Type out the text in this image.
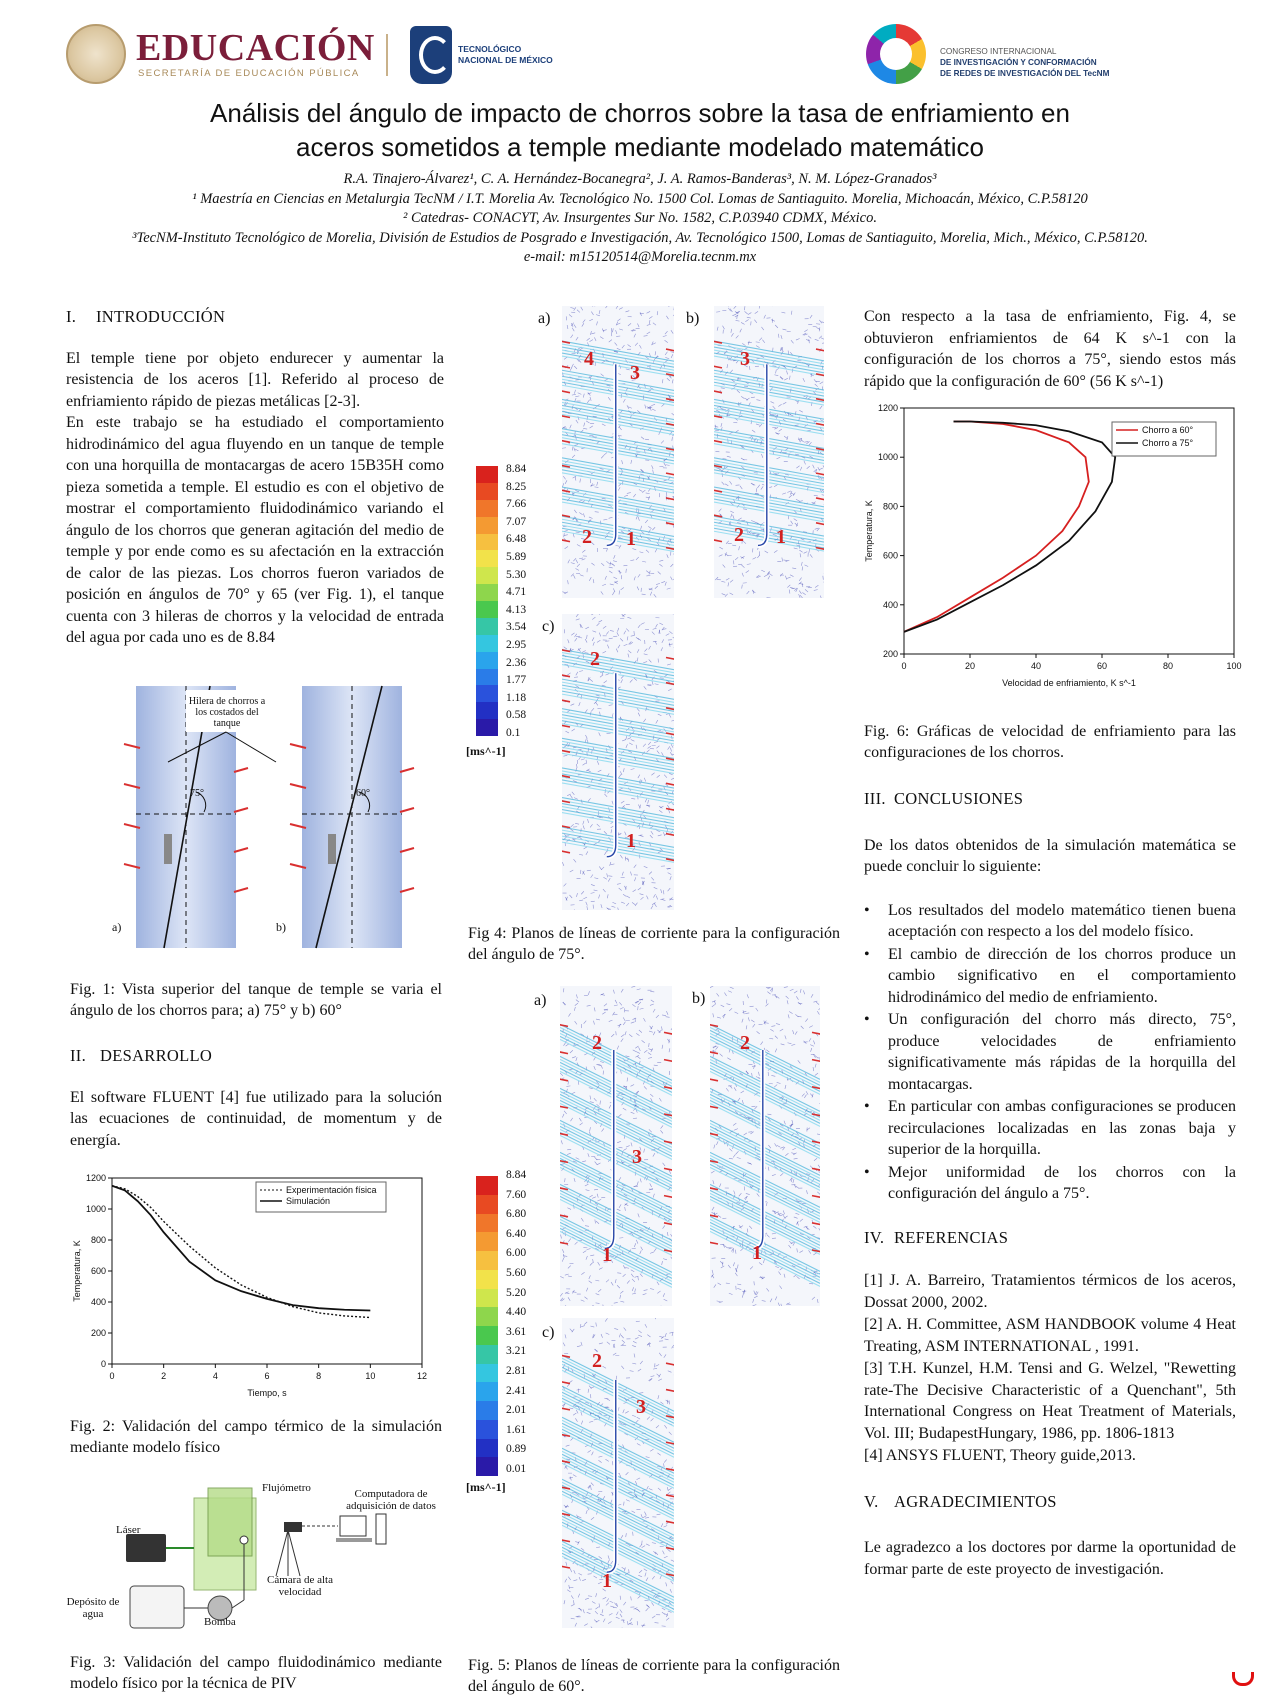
EDUCACIÓN
SECRETARÍA DE EDUCACIÓN PÚBLICA
TECNOLÓGICO
NACIONAL DE MÉXICO
CONGRESO INTERNACIONAL
DE INVESTIGACIÓN Y CONFORMACIÓN
DE REDES DE INVESTIGACIÓN DEL TecNM
Análisis del ángulo de impacto de chorros sobre la tasa de enfriamiento en
aceros sometidos a temple mediante modelado matemático
R.A. Tinajero-Álvarez¹, C. A. Hernández-Bocanegra², J. A. Ramos-Banderas³, N. M. López-Granados³
¹ Maestría en Ciencias en Metalurgia TecNM / I.T. Morelia Av. Tecnológico No. 1500 Col. Lomas de Santiaguito. Morelia, Michoacán, México, C.P.58120
² Catedras- CONACYT, Av. Insurgentes Sur No. 1582, C.P.03940 CDMX, México.
³TecNM-Instituto Tecnológico de Morelia, División de Estudios de Posgrado e Investigación, Av. Tecnológico 1500, Lomas de Santiaguito, Morelia, Mich., México, C.P.58120.
e-mail: m15120514@Morelia.tecnm.mx
I. INTRODUCCIÓN
El temple tiene por objeto endurecer y aumentar la resistencia de los aceros [1]. Referido al proceso de enfriamiento rápido de piezas metálicas [2-3].
En este trabajo se ha estudiado el comportamiento hidrodinámico del agua fluyendo en un tanque de temple con una horquilla de montacargas de acero 15B35H como pieza sometida a temple. El estudio es con el objetivo de mostrar el comportamiento fluidodinámico variando el ángulo de los chorros que generan agitación del medio de temple y por ende como es su afectación en la extracción de calor de las piezas. Los chorros fueron variados de posición en ángulos de 70° y 65 (ver Fig. 1), el tanque cuenta con 3 hileras de chorros y la velocidad de entrada del agua por cada uno es de 8.84
Hilera de chorros a los costados del tanque
75°	60°
a)	b)
Fig. 1: Vista superior del tanque de temple se varia el ángulo de los chorros para; a) 75° y b) 60°
II. DESARROLLO
El software FLUENT [4] fue utilizado para la solución las ecuaciones de continuidad, de momentum y de energía.
0	2	4	6	8	10	12
0
200
400
600
800
1000
1200
Tiempo, s
Temperatura, K
Experimentación física
Simulación
Fig. 2: Validación del campo térmico de la simulación mediante modelo físico
Láser
Flujómetro	Computadora de adquisición de datos
Cámara de alta velocidad
Depósito de agua
Bomba
Fig. 3: Validación del campo fluidodinámico mediante modelo físico por la técnica de PIV
a)	b)
c)
4
3
2 1
3
2 1
2
1
8.84
8.25
7.66
7.07
6.48
5.89
5.30
4.71
4.13
3.54
2.95
2.36
1.77
1.18
0.58
0.1
[ms^-1]
Fig 4: Planos de líneas de corriente para la configuración del ángulo de 75°.
a)	b)
c)
2
3
1
2
1
2
3
1
8.84
7.60
6.80
6.40
6.00
5.60
5.20
4.40
3.61
3.21
2.81
2.41
2.01
1.61
0.89
0.01
[ms^-1]
Fig. 5: Planos de líneas de corriente para la configuración del ángulo de 60°.
Con respecto a la tasa de enfriamiento, Fig. 4, se obtuvieron enfriamientos de 64 K s^-1 con la configuración de los chorros a 75°, siendo estos más rápido que la configuración de 60° (56 K s^-1)
0	20	40	60	80	100
200
400
600
800
1000
1200
Velocidad de enfriamiento, K s^-1
Temperatura, K
Chorro a 60°
Chorro a 75°
Fig. 6: Gráficas de velocidad de enfriamiento para las configuraciones de los chorros.
III. CONCLUSIONES
De los datos obtenidos de la simulación matemática se puede concluir lo siguiente:
• Los resultados del modelo matemático tienen buena aceptación con respecto a los del modelo físico.
• El cambio de dirección de los chorros produce un cambio significativo en el comportamiento hidrodinámico del medio de enfriamiento.
• Un configuración del chorro más directo, 75°, produce velocidades de enfriamiento significativamente más rápidas de la horquilla del montacargas.
• En particular con ambas configuraciones se producen recirculaciones localizadas en las zonas baja y superior de la horquilla.
• Mejor uniformidad de los chorros con la configuración del ángulo a 75°.
IV. REFERENCIAS
[1] J. A. Barreiro, Tratamientos térmicos de los aceros, Dossat 2000, 2002.
[2] A. H. Committee, ASM HANDBOOK volume 4 Heat Treating, ASM INTERNATIONAL , 1991.
[3] T.H. Kunzel, H.M. Tensi and G. Welzel, "Rewetting rate-The Decisive Characteristic of a Quenchant", 5th International Congress on Heat Treatment of Materials, Vol. III; BudapestHungary, 1986, pp. 1806-1813
[4] ANSYS FLUENT, Theory guide,2013.
V. AGRADECIMIENTOS
Le agradezco a los doctores por darme la oportunidad de formar parte de este proyecto de investigación.
